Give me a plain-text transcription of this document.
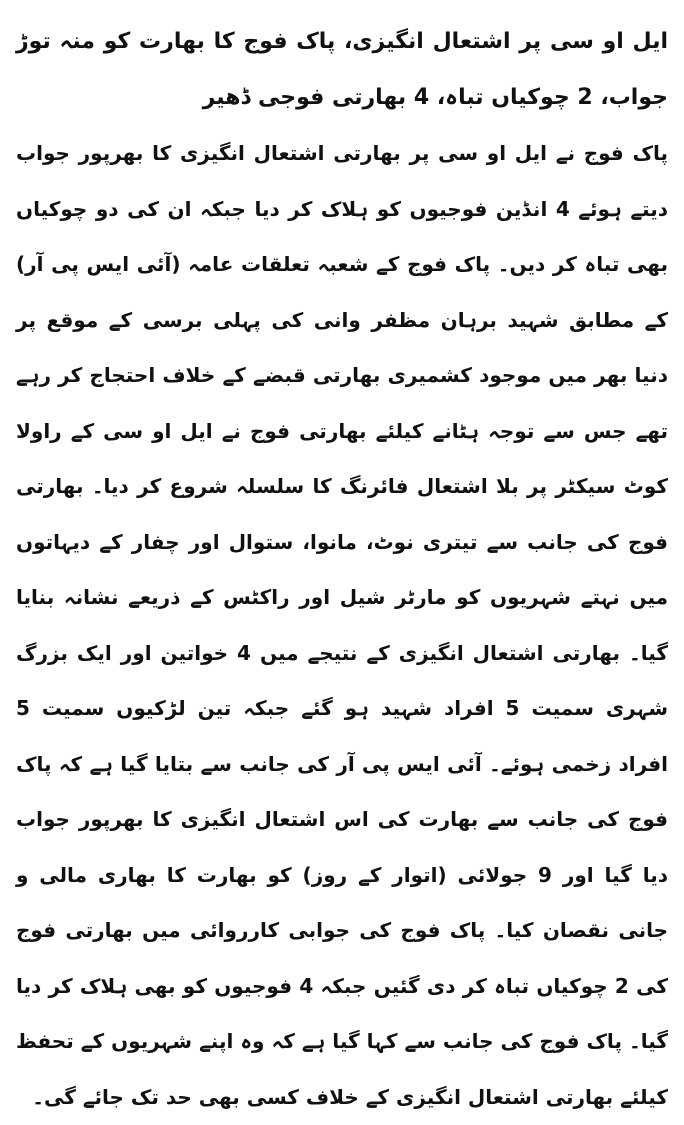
ایل او سی پر اشتعال انگیزی، پاک فوج کا بھارت کو منہ توڑ جواب، 2 چوکیاں تباہ، 4 بھارتی فوجی ڈھیر

پاک فوج نے ایل او سی پر بھارتی اشتعال انگیزی کا بھرپور جواب دیتے ہوئے 4 انڈین فوجیوں کو ہلاک کر دیا جبکہ ان کی دو چوکیاں بھی تباہ کر دیں۔ پاک فوج کے شعبہ تعلقات عامہ (آئی ایس پی آر) کے مطابق شہید برہان مظفر وانی کی پہلی برسی کے موقع پر دنیا بھر میں موجود کشمیری بھارتی قبضے کے خلاف احتجاج کر رہے تھے جس سے توجہ ہٹانے کیلئے بھارتی فوج نے ایل او سی کے راولا کوٹ سیکٹر پر بلا اشتعال فائرنگ کا سلسلہ شروع کر دیا۔ بھارتی فوج کی جانب سے تیتری نوٹ، مانوا، ستوال اور چفار کے دیہاتوں میں نہتے شہریوں کو مارٹر شیل اور راکٹس کے ذریعے نشانہ بنایا گیا۔ بھارتی اشتعال انگیزی کے نتیجے میں 4 خواتین اور ایک بزرگ شہری سمیت 5 افراد شہید ہو گئے جبکہ تین لڑکیوں سمیت 5 افراد زخمی ہوئے۔ آئی ایس پی آر کی جانب سے بتایا گیا ہے کہ پاک فوج کی جانب سے بھارت کی اس اشتعال انگیزی کا بھرپور جواب دیا گیا اور 9 جولائی (اتوار کے روز) کو بھارت کا بھاری مالی و جانی نقصان کیا۔ پاک فوج کی جوابی کارروائی میں بھارتی فوج کی 2 چوکیاں تباہ کر دی گئیں جبکہ 4 فوجیوں کو بھی ہلاک کر دیا گیا۔ پاک فوج کی جانب سے کہا گیا ہے کہ وہ اپنے شہریوں کے تحفظ کیلئے بھارتی اشتعال انگیزی کے خلاف کسی بھی حد تک جائے گی۔
